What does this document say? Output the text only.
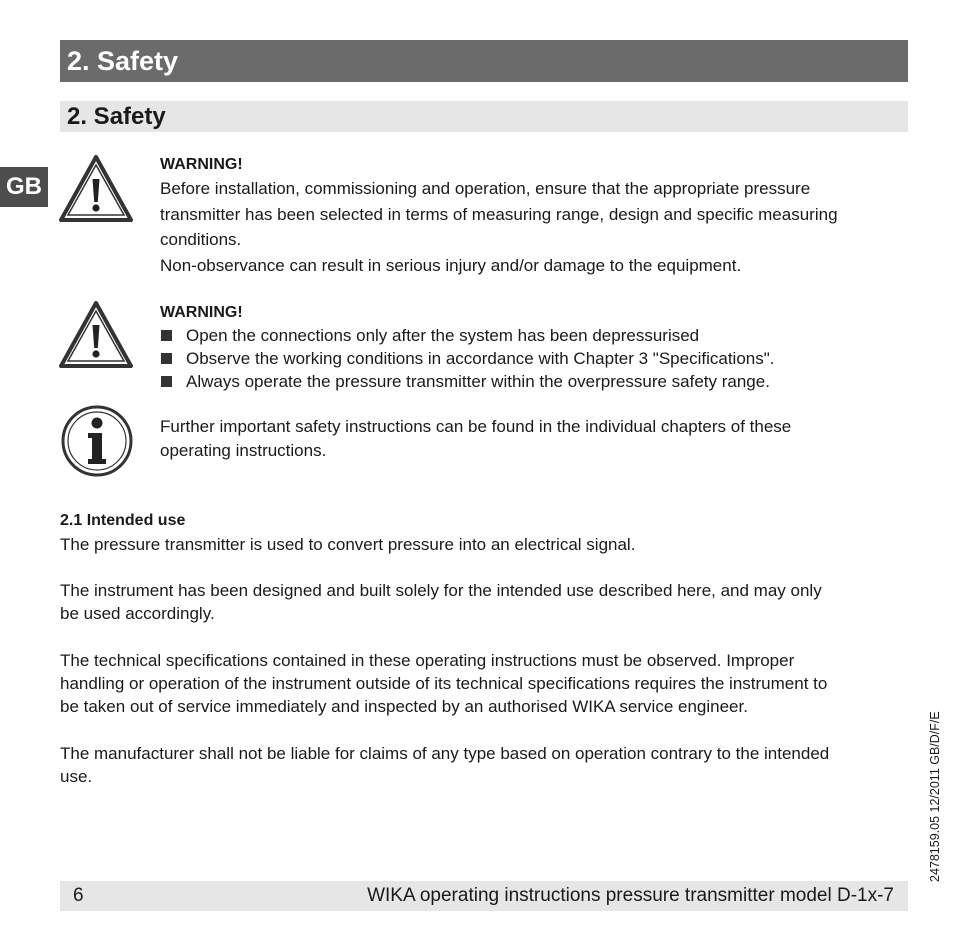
2. Safety
2. Safety
GB
WARNING!

Before installation, commissioning and operation, ensure that the appropriate pressure

transmitter has been selected in terms of measuring range, design and specific measuring

conditions.

Non-observance can result in serious injury and/or damage to the equipment.

WARNING!
Open the connections only after the system has been depressurised
Observe the working conditions in accordance with Chapter 3 "Specifications".
Always operate the pressure transmitter within the overpressure safety range.
Further important safety instructions can be found in the individual chapters of these
operating instructions.
2.1 Intended use
The pressure transmitter is used to convert pressure into an electrical signal.
The instrument has been designed and built solely for the intended use described here, and may only
be used accordingly.
The technical specifications contained in these operating instructions must be observed. Improper
handling or operation of the instrument outside of its technical specifications requires the instrument to
be taken out of service immediately and inspected by an authorised WIKA service engineer.
The manufacturer shall not be liable for claims of any type based on operation contrary to the intended
use.
6	WIKA operating instructions pressure transmitter model D-1x-7
2478159.05 12/2011 GB/D/F/E
